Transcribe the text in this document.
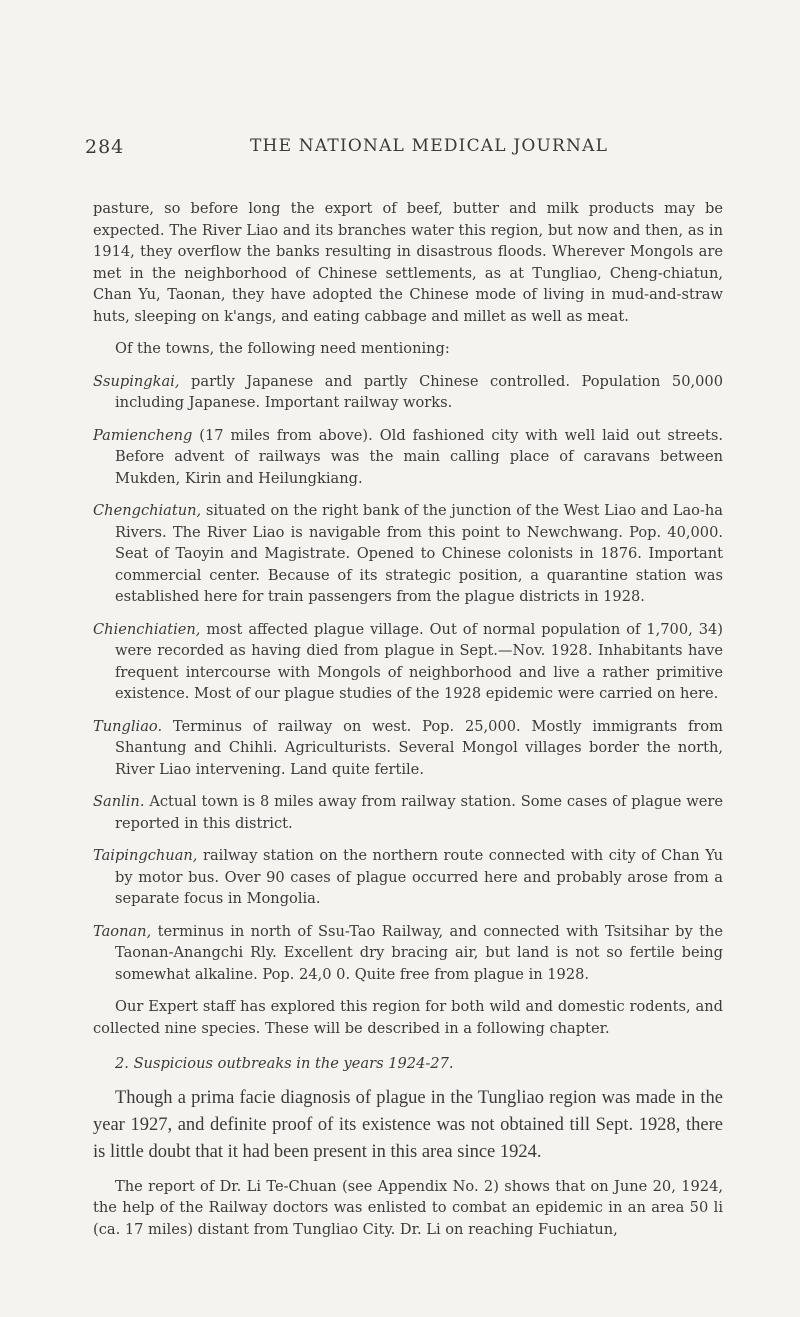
284	THE NATIONAL MEDICAL JOURNAL

pasture, so before long the export of beef, butter and milk products may be expected. The River Liao and its branches water this region, but now and then, as in 1914, they overflow the banks resulting in disastrous floods. Wherever Mongols are met in the neighborhood of Chinese settlements, as at Tungliao, Cheng-chiatun, Chan Yu, Taonan, they have adopted the Chinese mode of living in mud-and-straw huts, sleeping on k'angs, and eating cabbage and millet as well as meat.

Of the towns, the following need mentioning:

Ssupingkai, partly Japanese and partly Chinese controlled. Population 50,000 including Japanese. Important railway works.

Pamiencheng (17 miles from above). Old fashioned city with well laid out streets. Before advent of railways was the main calling place of caravans between Mukden, Kirin and Heilungkiang.

Chengchiatun, situated on the right bank of the junction of the West Liao and Lao-ha Rivers. The River Liao is navigable from this point to Newchwang. Pop. 40,000. Seat of Taoyin and Magistrate. Opened to Chinese colonists in 1876. Important commercial center. Because of its strategic position, a quarantine station was established here for train passengers from the plague districts in 1928.

Chienchiatien, most affected plague village. Out of normal population of 1,700, 34) were recorded as having died from plague in Sept.—Nov. 1928. Inhabitants have frequent intercourse with Mongols of neighborhood and live a rather primitive existence. Most of our plague studies of the 1928 epidemic were carried on here.

Tungliao. Terminus of railway on west. Pop. 25,000. Mostly immigrants from Shantung and Chihli. Agriculturists. Several Mongol villages border the north, River Liao intervening. Land quite fertile.

Sanlin. Actual town is 8 miles away from railway station. Some cases of plague were reported in this district.

Taipingchuan, railway station on the northern route connected with city of Chan Yu by motor bus. Over 90 cases of plague occurred here and probably arose from a separate focus in Mongolia.

Taonan, terminus in north of Ssu-Tao Railway, and connected with Tsitsihar by the Taonan-Anangchi Rly. Excellent dry bracing air, but land is not so fertile being somewhat alkaline. Pop. 24,0 0. Quite free from plague in 1928.

Our Expert staff has explored this region for both wild and domestic rodents, and collected nine species. These will be described in a following chapter.

2. Suspicious outbreaks in the years 1924-27.

Though a prima facie diagnosis of plague in the Tungliao region was made in the year 1927, and definite proof of its existence was not obtained till Sept. 1928, there is little doubt that it had been present in this area since 1924.

The report of Dr. Li Te-Chuan (see Appendix No. 2) shows that on June 20, 1924, the help of the Railway doctors was enlisted to combat an epidemic in an area 50 li (ca. 17 miles) distant from Tungliao City. Dr. Li on reaching Fuchiatun,
